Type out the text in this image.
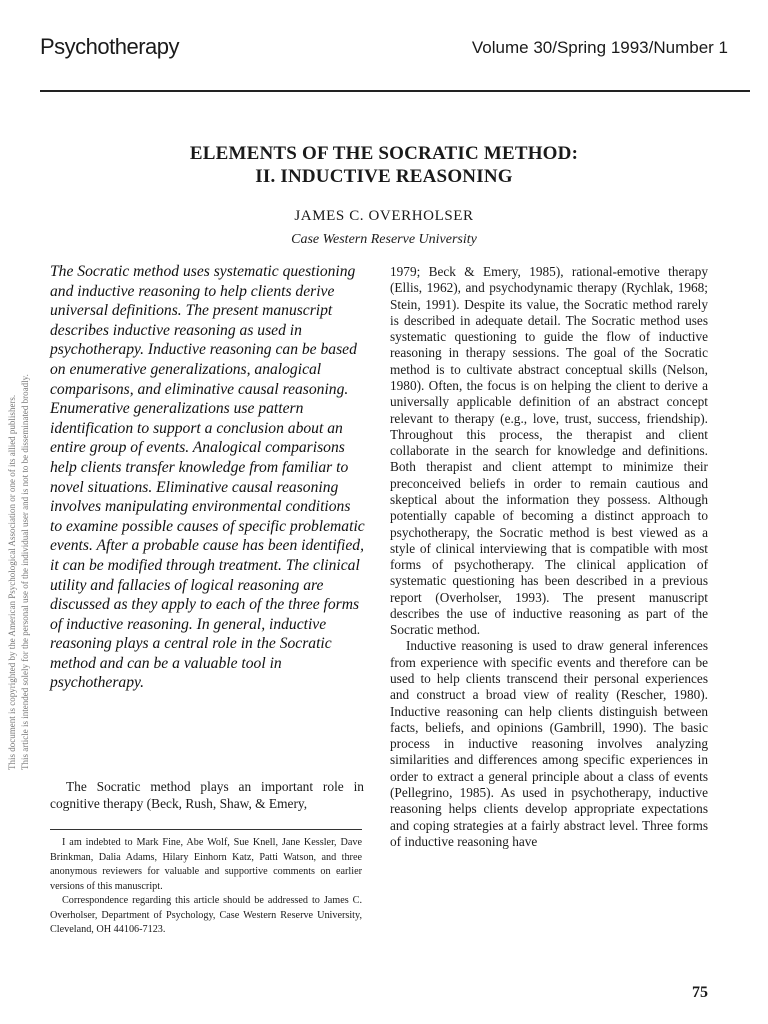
Psychotherapy	Volume 30/Spring 1993/Number 1
ELEMENTS OF THE SOCRATIC METHOD:
II. INDUCTIVE REASONING
JAMES C. OVERHOLSER
Case Western Reserve University
This document is copyrighted by the American Psychological Association or one of its allied publishers. This article is intended solely for the personal use of the individual user and is not to be disseminated broadly.
The Socratic method uses systematic questioning and inductive reasoning to help clients derive universal definitions. The present manuscript describes inductive reasoning as used in psychotherapy. Inductive reasoning can be based on enumerative generalizations, analogical comparisons, and eliminative causal reasoning. Enumerative generalizations use pattern identification to support a conclusion about an entire group of events. Analogical comparisons help clients transfer knowledge from familiar to novel situations. Eliminative causal reasoning involves manipulating environmental conditions to examine possible causes of specific problematic events. After a probable cause has been identified, it can be modified through treatment. The clinical utility and fallacies of logical reasoning are discussed as they apply to each of the three forms of inductive reasoning. In general, inductive reasoning plays a central role in the Socratic method and can be a valuable tool in psychotherapy.
The Socratic method plays an important role in cognitive therapy (Beck, Rush, Shaw, & Emery,

I am indebted to Mark Fine, Abe Wolf, Sue Knell, Jane Kessler, Dave Brinkman, Dalia Adams, Hilary Einhorn Katz, Patti Watson, and three anonymous reviewers for valuable and supportive comments on earlier versions of this manuscript.

Correspondence regarding this article should be addressed to James C. Overholser, Department of Psychology, Case Western Reserve University, Cleveland, OH 44106-7123.

1979; Beck & Emery, 1985), rational-emotive therapy (Ellis, 1962), and psychodynamic therapy (Rychlak, 1968; Stein, 1991). Despite its value, the Socratic method rarely is described in adequate detail. The Socratic method uses systematic questioning to guide the flow of inductive reasoning in therapy sessions. The goal of the Socratic method is to cultivate abstract conceptual skills (Nelson, 1980). Often, the focus is on helping the client to derive a universally applicable definition of an abstract concept relevant to therapy (e.g., love, trust, success, friendship). Throughout this process, the therapist and client collaborate in the search for knowledge and definitions. Both therapist and client attempt to minimize their preconceived beliefs in order to remain cautious and skeptical about the information they possess. Although potentially capable of becoming a distinct approach to psychotherapy, the Socratic method is best viewed as a style of clinical interviewing that is compatible with most forms of psychotherapy. The clinical application of systematic questioning has been described in a previous report (Overholser, 1993). The present manuscript describes the use of inductive reasoning as part of the Socratic method.

Inductive reasoning is used to draw general inferences from experience with specific events and therefore can be used to help clients transcend their personal experiences and construct a broad view of reality (Rescher, 1980). Inductive reasoning can help clients distinguish between facts, beliefs, and opinions (Gambrill, 1990). The basic process in inductive reasoning involves analyzing similarities and differences among specific experiences in order to extract a general principle about a class of events (Pellegrino, 1985). As used in psychotherapy, inductive reasoning helps clients develop appropriate expectations and coping strategies at a fairly abstract level. Three forms of inductive reasoning have

75
